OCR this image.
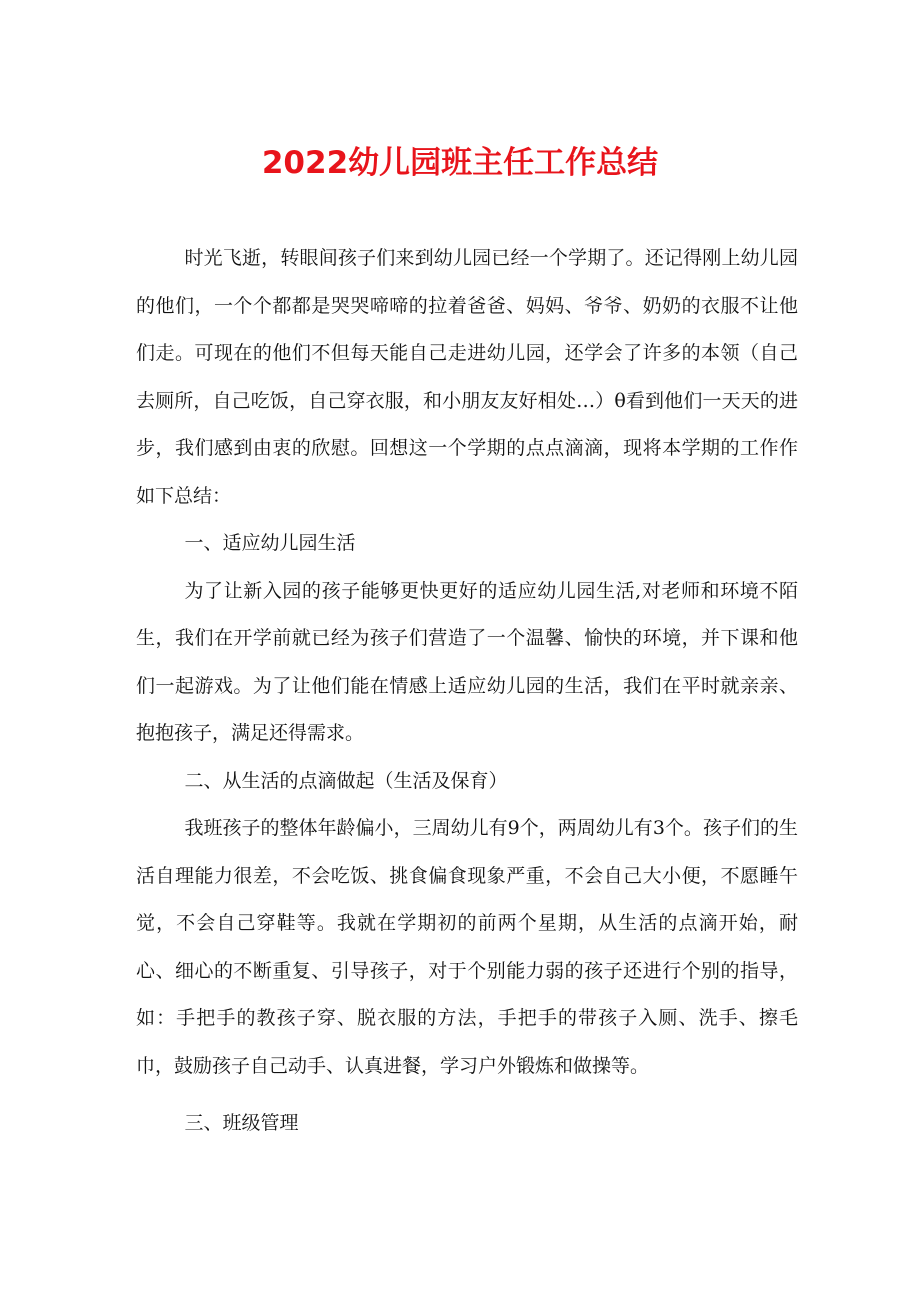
2022幼儿园班主任工作总结

时光飞逝，转眼间孩子们来到幼儿园已经一个学期了。还记得刚上幼儿园的他们，一个个都都是哭哭啼啼的拉着爸爸、妈妈、爷爷、奶奶的衣服不让他们走。可现在的他们不但每天能自己走进幼儿园，还学会了许多的本领（自己去厕所，自己吃饭，自己穿衣服，和小朋友友好相处…）θ看到他们一天天的进步，我们感到由衷的欣慰。回想这一个学期的点点滴滴，现将本学期的工作作如下总结：

一、适应幼儿园生活

为了让新入园的孩子能够更快更好的适应幼儿园生活,对老师和环境不陌生，我们在开学前就已经为孩子们营造了一个温馨、愉快的环境，并下课和他们一起游戏。为了让他们能在情感上适应幼儿园的生活，我们在平时就亲亲、抱抱孩子，满足还得需求。

二、从生活的点滴做起（生活及保育）

我班孩子的整体年龄偏小，三周幼儿有9个，两周幼儿有3个。孩子们的生活自理能力很差，不会吃饭、挑食偏食现象严重，不会自己大小便，不愿睡午觉，不会自己穿鞋等。我就在学期初的前两个星期，从生活的点滴开始，耐心、细心的不断重复、引导孩子，对于个别能力弱的孩子还进行个别的指导，如：手把手的教孩子穿、脱衣服的方法，手把手的带孩子入厕、洗手、擦毛巾，鼓励孩子自己动手、认真进餐，学习户外锻炼和做操等。

三、班级管理
